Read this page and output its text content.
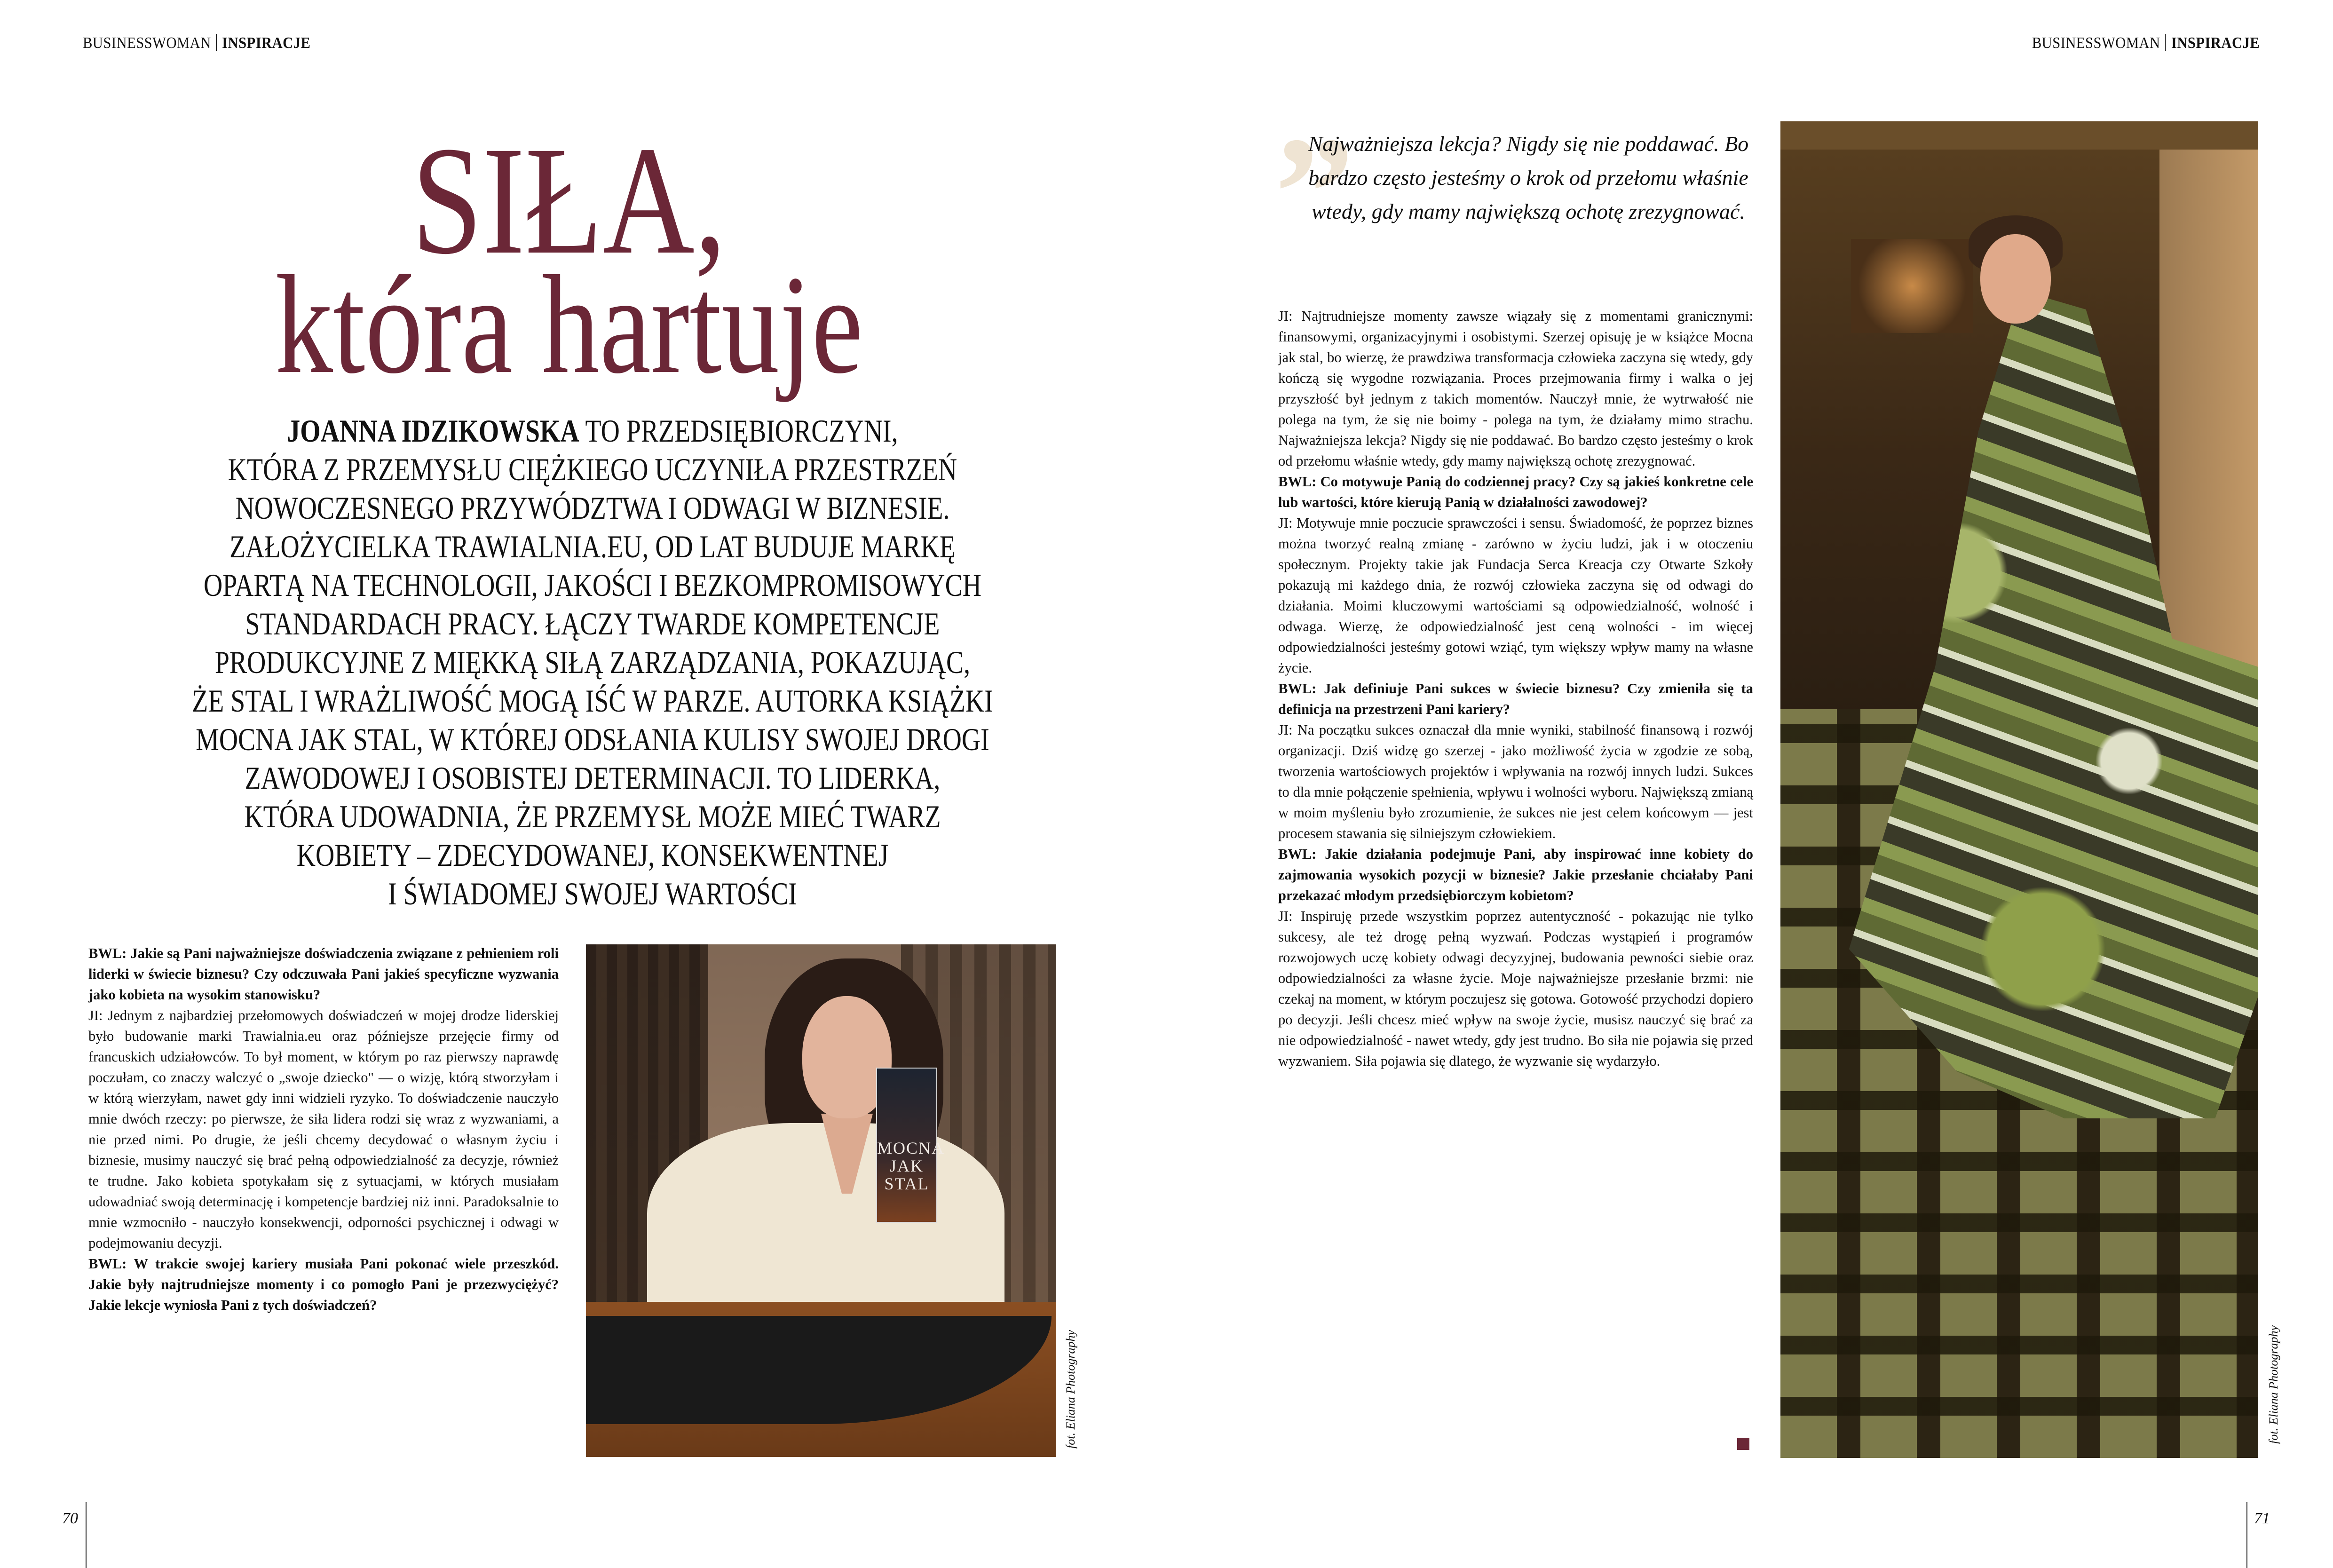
BUSINESSWOMAN INSPIRACJE	BUSINESSWOMAN INSPIRACJE
SIŁA,
która hartuje
JOANNA IDZIKOWSKA TO PRZEDSIĘBIORCZYNI,
KTÓRA Z PRZEMYSŁU CIĘŻKIEGO UCZYNIŁA PRZESTRZEŃ
NOWOCZESNEGO PRZYWÓDZTWA I ODWAGI W BIZNESIE.
ZAŁOŻYCIELKA TRAWIALNIA.EU, OD LAT BUDUJE MARKĘ
OPARTĄ NA TECHNOLOGII, JAKOŚCI I BEZKOMPROMISOWYCH
STANDARDACH PRACY. ŁĄCZY TWARDE KOMPETENCJE
PRODUKCYJNE Z MIĘKKĄ SIŁĄ ZARZĄDZANIA, POKAZUJĄC,
ŻE STAL I WRAŻLIWOŚĆ MOGĄ IŚĆ W PARZE. AUTORKA KSIĄŻKI
MOCNA JAK STAL, W KTÓREJ ODSŁANIA KULISY SWOJEJ DROGI
ZAWODOWEJ I OSOBISTEJ DETERMINACJI. TO LIDERKA,
KTÓRA UDOWADNIA, ŻE PRZEMYSŁ MOŻE MIEĆ TWARZ
KOBIETY – ZDECYDOWANEJ, KONSEKWENTNEJ
I ŚWIADOMEJ SWOJEJ WARTOŚCI

BWL: Jakie są Pani najważniejsze doświadczenia związane z pełnieniem roli liderki w świecie biznesu? Czy odczuwała Pani jakieś specyficzne wyzwania jako kobieta na wysokim stanowisku?

JI: Jednym z najbardziej przełomowych doświadczeń w mojej drodze liderskiej było budowanie marki Trawialnia.eu oraz późniejsze przejęcie firmy od francuskich udziałowców. To był moment, w którym po raz pierwszy naprawdę poczułam, co znaczy walczyć o „swoje dziecko" — o wizję, którą stworzyłam i w którą wierzyłam, nawet gdy inni widzieli ryzyko. To doświadczenie nauczyło mnie dwóch rzeczy: po pierwsze, że siła lidera rodzi się wraz z wyzwaniami, a nie przed nimi. Po drugie, że jeśli chcemy decydować o własnym życiu i biznesie, musimy nauczyć się brać pełną odpowiedzialność za decyzje, również te trudne. Jako kobieta spotykałam się z sytuacjami, w których musiałam udowadniać swoją determinację i kompetencje bardziej niż inni. Paradoksalnie to mnie wzmocniło - nauczyło konsekwencji, odporności psychicznej i odwagi w podejmowaniu decyzji.

BWL: W trakcie swojej kariery musiała Pani pokonać wiele przeszkód. Jakie były najtrudniejsze momenty i co pomogło Pani je przezwyciężyć? Jakie lekcje wyniosła Pani z tych doświadczeń?

MOCNA JAK STAL
fot. Eliana Photography
”
Najważniejsza lekcja? Nigdy się nie poddawać. Bo bardzo często jesteśmy o krok od przełomu właśnie wtedy, gdy mamy największą ochotę zrezygnować.

JI: Najtrudniejsze momenty zawsze wiązały się z momentami granicznymi: finansowymi, organizacyjnymi i osobistymi. Szerzej opisuję je w książce Mocna jak stal, bo wierzę, że prawdziwa transformacja człowieka zaczyna się wtedy, gdy kończą się wygodne rozwiązania. Proces przejmowania firmy i walka o jej przyszłość był jednym z takich momentów. Nauczył mnie, że wytrwałość nie polega na tym, że się nie boimy - polega na tym, że działamy mimo strachu. Najważniejsza lekcja? Nigdy się nie poddawać. Bo bardzo często jesteśmy o krok od przełomu właśnie wtedy, gdy mamy największą ochotę zrezygnować.

BWL: Co motywuje Panią do codziennej pracy? Czy są jakieś konkretne cele lub wartości, które kierują Panią w działalności zawodowej?

JI: Motywuje mnie poczucie sprawczości i sensu. Świadomość, że poprzez biznes można tworzyć realną zmianę - zarówno w życiu ludzi, jak i w otoczeniu społecznym. Projekty takie jak Fundacja Serca Kreacja czy Otwarte Szkoły pokazują mi każdego dnia, że rozwój człowieka zaczyna się od odwagi do działania. Moimi kluczowymi wartościami są odpowiedzialność, wolność i odwaga. Wierzę, że odpowiedzialność jest ceną wolności - im więcej odpowiedzialności jesteśmy gotowi wziąć, tym większy wpływ mamy na własne życie.

BWL: Jak definiuje Pani sukces w świecie biznesu? Czy zmieniła się ta definicja na przestrzeni Pani kariery?

JI: Na początku sukces oznaczał dla mnie wyniki, stabilność finansową i rozwój organizacji. Dziś widzę go szerzej - jako możliwość życia w zgodzie ze sobą, tworzenia wartościowych projektów i wpływania na rozwój innych ludzi. Sukces to dla mnie połączenie spełnienia, wpływu i wolności wyboru. Największą zmianą w moim myśleniu było zrozumienie, że sukces nie jest celem końcowym — jest procesem stawania się silniejszym człowiekiem.

BWL: Jakie działania podejmuje Pani, aby inspirować inne kobiety do zajmowania wysokich pozycji w biznesie? Jakie przesłanie chciałaby Pani przekazać młodym przedsiębiorczym kobietom?

JI: Inspiruję przede wszystkim poprzez autentyczność - pokazując nie tylko sukcesy, ale też drogę pełną wyzwań. Podczas wystąpień i programów rozwojowych uczę kobiety odwagi decyzyjnej, budowania pewności siebie oraz odpowiedzialności za własne życie. Moje najważniejsze przesłanie brzmi: nie czekaj na moment, w którym poczujesz się gotowa. Gotowość przychodzi dopiero po decyzji. Jeśli chcesz mieć wpływ na swoje życie, musisz nauczyć się brać za nie odpowiedzialność - nawet wtedy, gdy jest trudno. Bo siła nie pojawia się przed wyzwaniem. Siła pojawia się dlatego, że wyzwanie się wydarzyło.

fot. Eliana Photography
70	71
